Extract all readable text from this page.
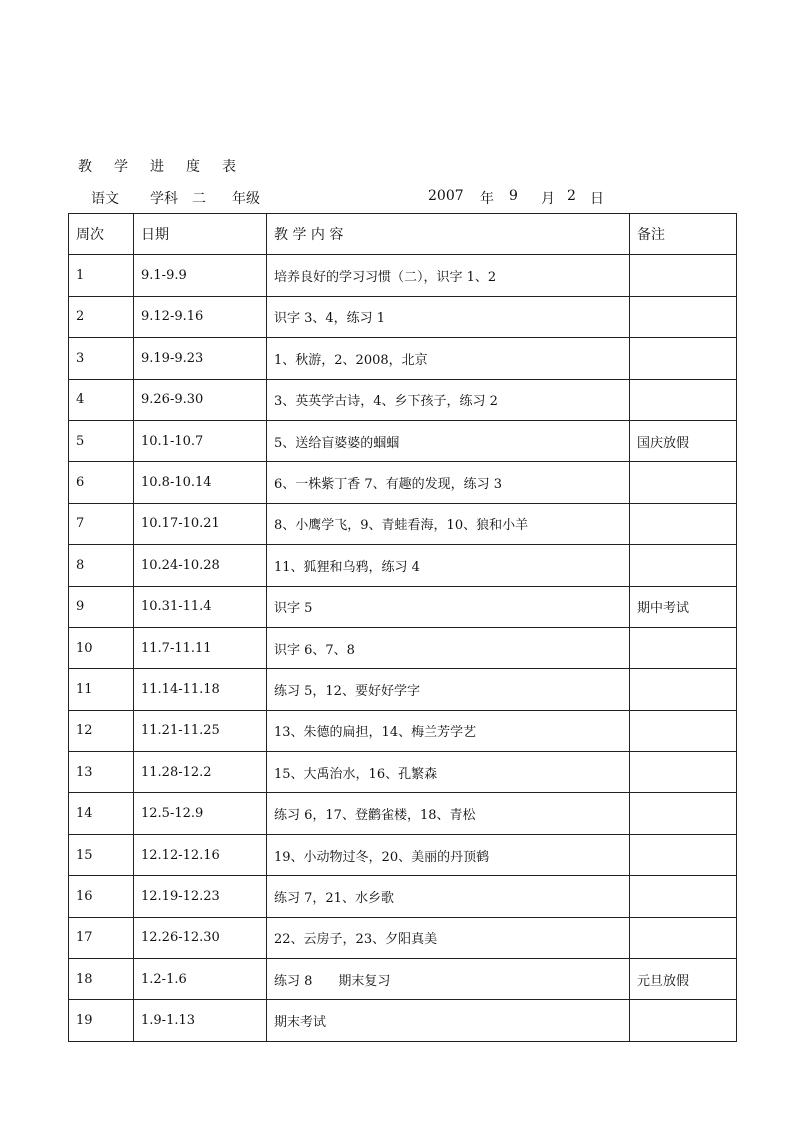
教 学 进 度 表
语文 学科 二 年级	2007 年 9 月 2 日
周次	日期	教 学 内 容	备注
1	9.1-9.9	培养良好的学习习惯（二），识字 1、2	
2	9.12-9.16	识字 3、4，练习 1	
3	9.19-9.23	1、秋游，2、2008，北京	
4	9.26-9.30	3、英英学古诗，4、乡下孩子，练习 2	
5	10.1-10.7	5、送给盲婆婆的蝈蝈	国庆放假
6	10.8-10.14	6、一株紫丁香 7、有趣的发现，练习 3	
7	10.17-10.21	8、小鹰学飞，9、青蛙看海，10、狼和小羊	
8	10.24-10.28	11、狐狸和乌鸦，练习 4	
9	10.31-11.4	识字 5	期中考试
10	11.7-11.11	识字 6、7、8	
11	11.14-11.18	练习 5，12、要好好学字	
12	11.21-11.25	13、朱德的扁担，14、梅兰芳学艺	
13	11.28-12.2	15、大禹治水，16、孔繁森	
14	12.5-12.9	练习 6，17、登鹳雀楼，18、青松	
15	12.12-12.16	19、小动物过冬，20、美丽的丹顶鹤	
16	12.19-12.23	练习 7，21、水乡歌	
17	12.26-12.30	22、云房子，23、夕阳真美	
18	1.2-1.6	练习 8　　期末复习	元旦放假
19	1.9-1.13	期末考试	
